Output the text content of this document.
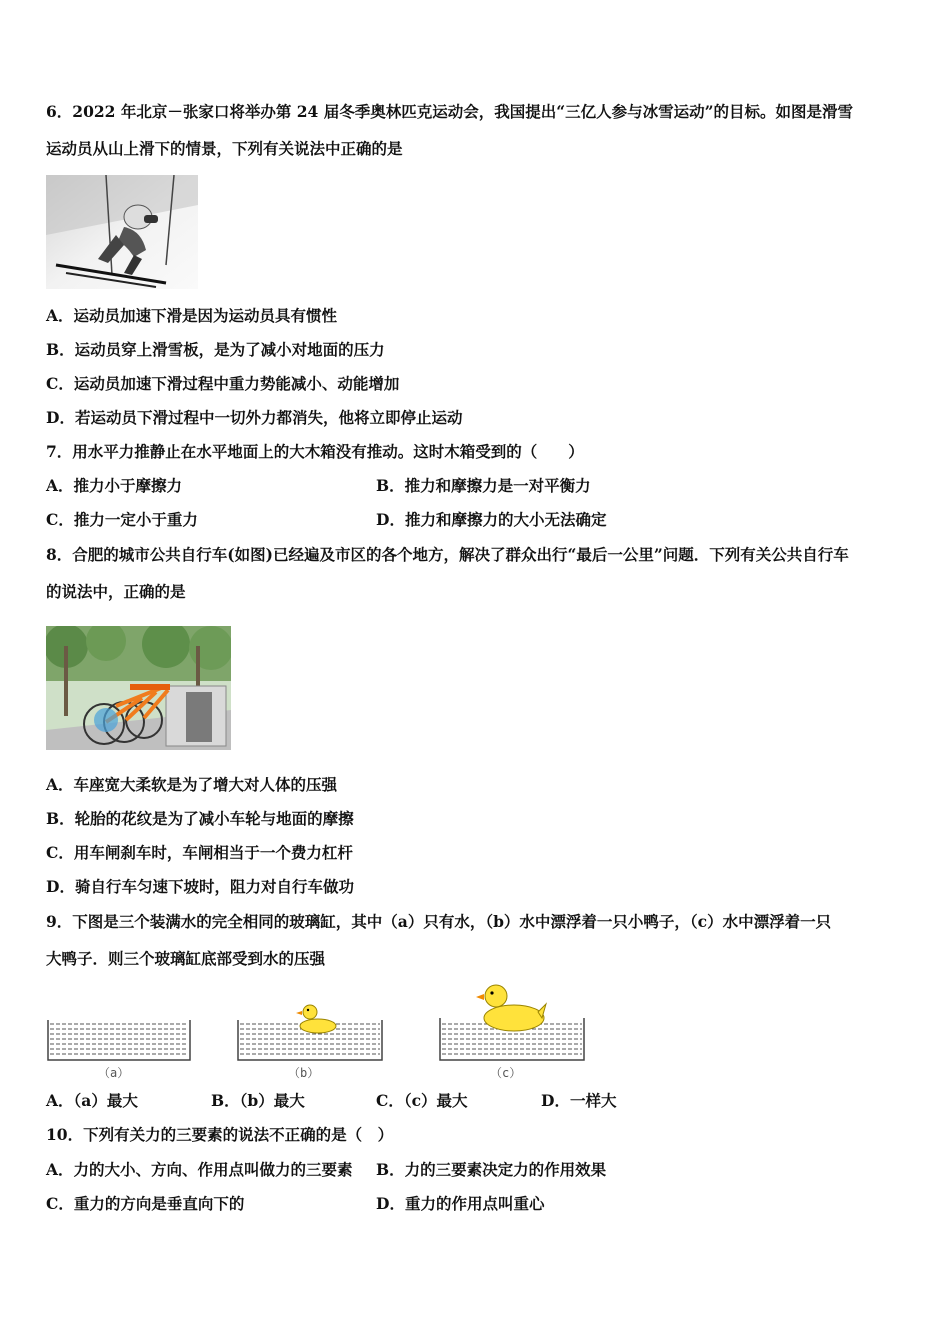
6．2022 年北京－张家口将举办第 24 届冬季奥林匹克运动会，我国提出“三亿人参与冰雪运动”的目标。如图是滑雪
运动员从山上滑下的情景，下列有关说法中正确的是
A．运动员加速下滑是因为运动员具有惯性
B．运动员穿上滑雪板，是为了减小对地面的压力
C．运动员加速下滑过程中重力势能减小、动能增加
D．若运动员下滑过程中一切外力都消失，他将立即停止运动
7．用水平力推静止在水平地面上的大木箱没有推动。这时木箱受到的（　　）
A．推力小于摩擦力	B．推力和摩擦力是一对平衡力
C．推力一定小于重力	D．推力和摩擦力的大小无法确定
8．合肥的城市公共自行车(如图)已经遍及市区的各个地方，解决了群众出行“最后一公里”问题．下列有关公共自行车
的说法中，正确的是
A．车座宽大柔软是为了增大对人体的压强
B．轮胎的花纹是为了减小车轮与地面的摩擦
C．用车闸刹车时，车闸相当于一个费力杠杆
D．骑自行车匀速下坡时，阻力对自行车做功
9．下图是三个装满水的完全相同的玻璃缸，其中（a）只有水，（b）水中漂浮着一只小鸭子，（c）水中漂浮着一只
大鸭子．则三个玻璃缸底部受到水的压强
（a）	（b）	（c）
A．（a）最大	B．（b）最大	C．（c）最大	D．一样大
10．下列有关力的三要素的说法不正确的是（　）
A．力的大小、方向、作用点叫做力的三要素 B．力的三要素决定力的作用效果
C．重力的方向是垂直向下的	D．重力的作用点叫重心
